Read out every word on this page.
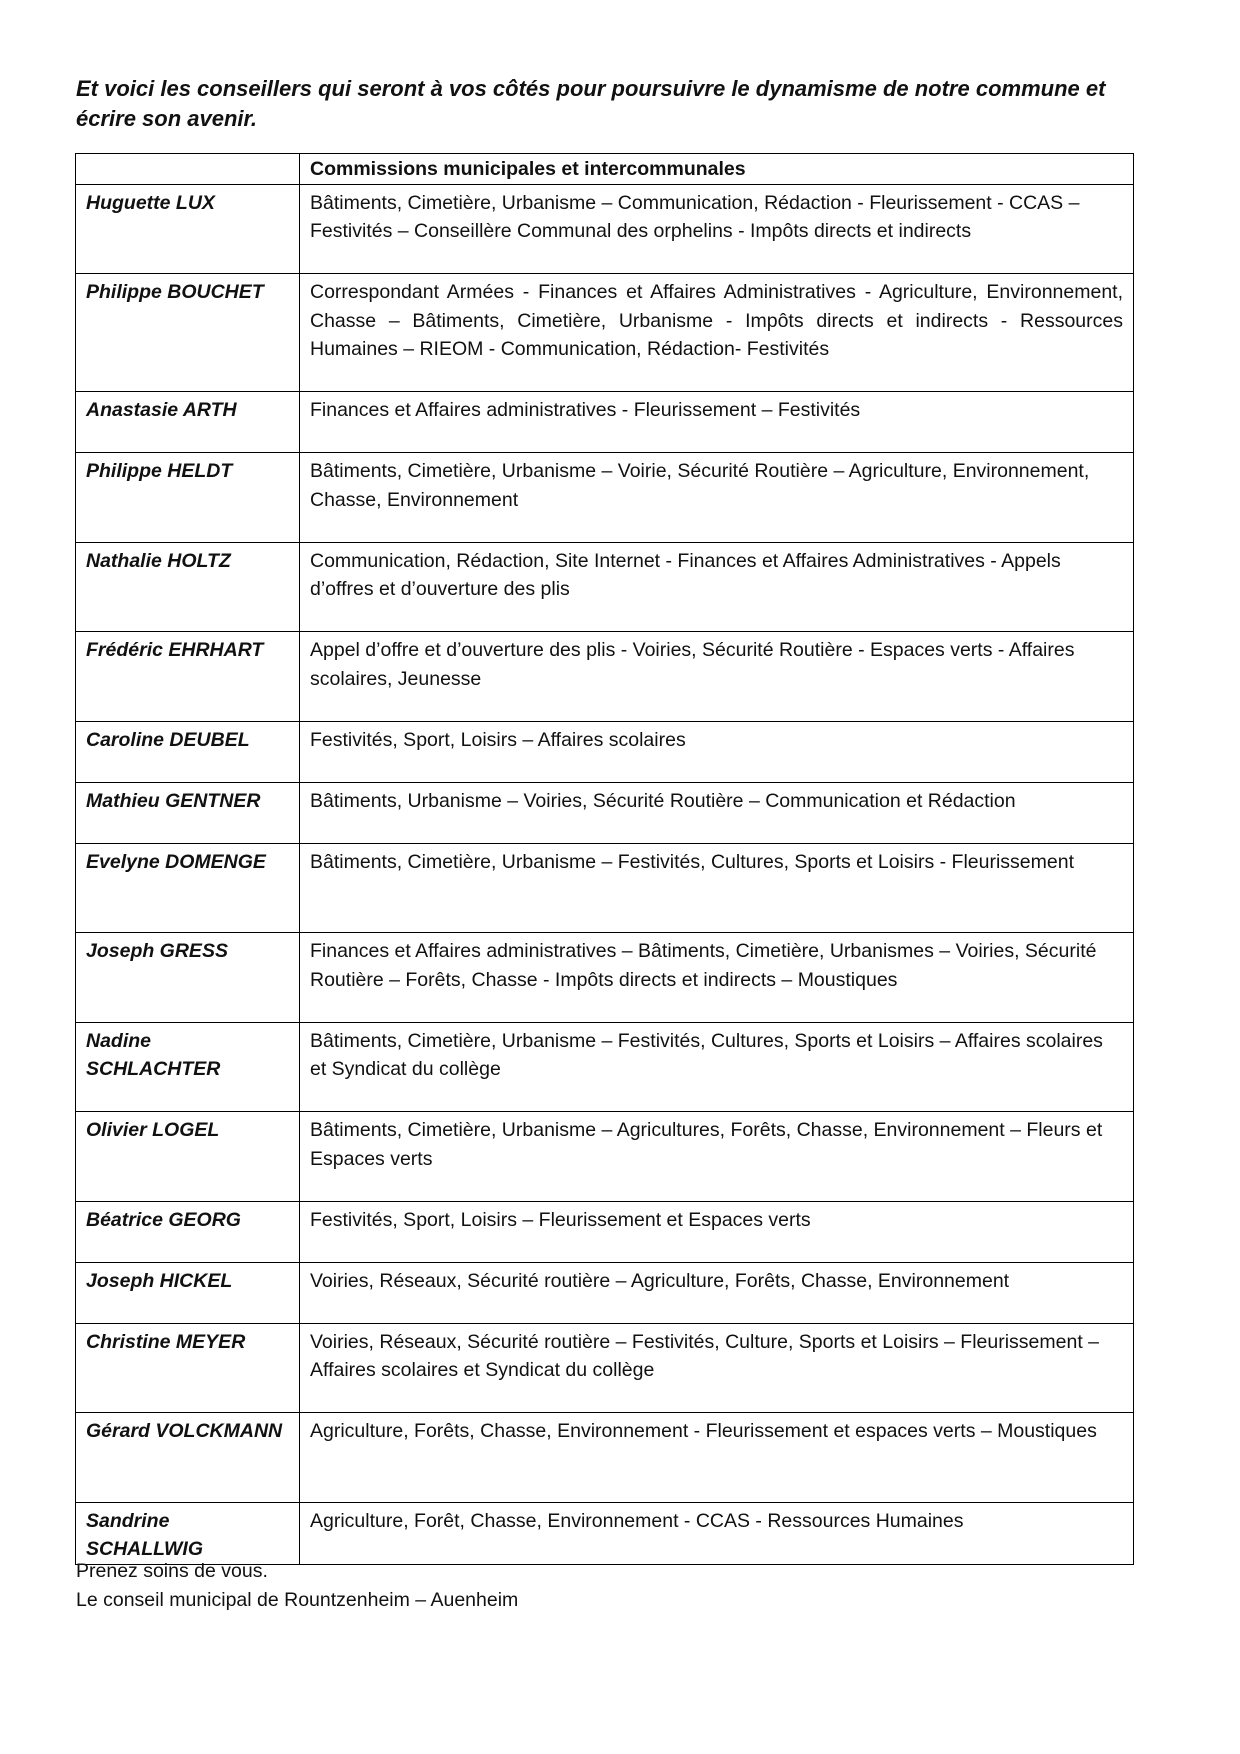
Et voici les conseillers qui seront à vos côtés pour poursuivre le dynamisme de notre commune et écrire son avenir.

	Commissions municipales et intercommunales
Huguette LUX	Bâtiments, Cimetière, Urbanisme – Communication, Rédaction - Fleurissement - CCAS – Festivités – Conseillère Communal des orphelins - Impôts directs et indirects
Philippe BOUCHET	Correspondant Armées - Finances et Affaires Administratives - Agriculture, Environnement, Chasse – Bâtiments, Cimetière, Urbanisme - Impôts directs et indirects - Ressources Humaines – RIEOM - Communication, Rédaction- Festivités
Anastasie ARTH	Finances et Affaires administratives - Fleurissement – Festivités
Philippe HELDT	Bâtiments, Cimetière, Urbanisme – Voirie, Sécurité Routière – Agriculture, Environnement, Chasse, Environnement
Nathalie HOLTZ	Communication, Rédaction, Site Internet - Finances et Affaires Administratives - Appels d’offres et d’ouverture des plis
Frédéric EHRHART	Appel d’offre et d’ouverture des plis - Voiries, Sécurité Routière - Espaces verts - Affaires scolaires, Jeunesse
Caroline DEUBEL	Festivités, Sport, Loisirs – Affaires scolaires
Mathieu GENTNER	Bâtiments, Urbanisme – Voiries, Sécurité Routière – Communication et Rédaction
Evelyne DOMENGE	Bâtiments, Cimetière, Urbanisme – Festivités, Cultures, Sports et Loisirs - Fleurissement
Joseph GRESS	Finances et Affaires administratives – Bâtiments, Cimetière, Urbanismes – Voiries, Sécurité Routière – Forêts, Chasse - Impôts directs et indirects – Moustiques
Nadine SCHLACHTER	Bâtiments, Cimetière, Urbanisme – Festivités, Cultures, Sports et Loisirs – Affaires scolaires et Syndicat du collège
Olivier LOGEL	Bâtiments, Cimetière, Urbanisme – Agricultures, Forêts, Chasse, Environnement – Fleurs et Espaces verts
Béatrice GEORG	Festivités, Sport, Loisirs – Fleurissement et Espaces verts
Joseph HICKEL	Voiries, Réseaux, Sécurité routière – Agriculture, Forêts, Chasse, Environnement
Christine MEYER	Voiries, Réseaux, Sécurité routière – Festivités, Culture, Sports et Loisirs – Fleurissement – Affaires scolaires et Syndicat du collège
Gérard VOLCKMANN	Agriculture, Forêts, Chasse, Environnement - Fleurissement et espaces verts – Moustiques
Sandrine SCHALLWIG	Agriculture, Forêt, Chasse, Environnement - CCAS - Ressources Humaines

Prenez soins de vous.
Le conseil municipal de Rountzenheim – Auenheim
